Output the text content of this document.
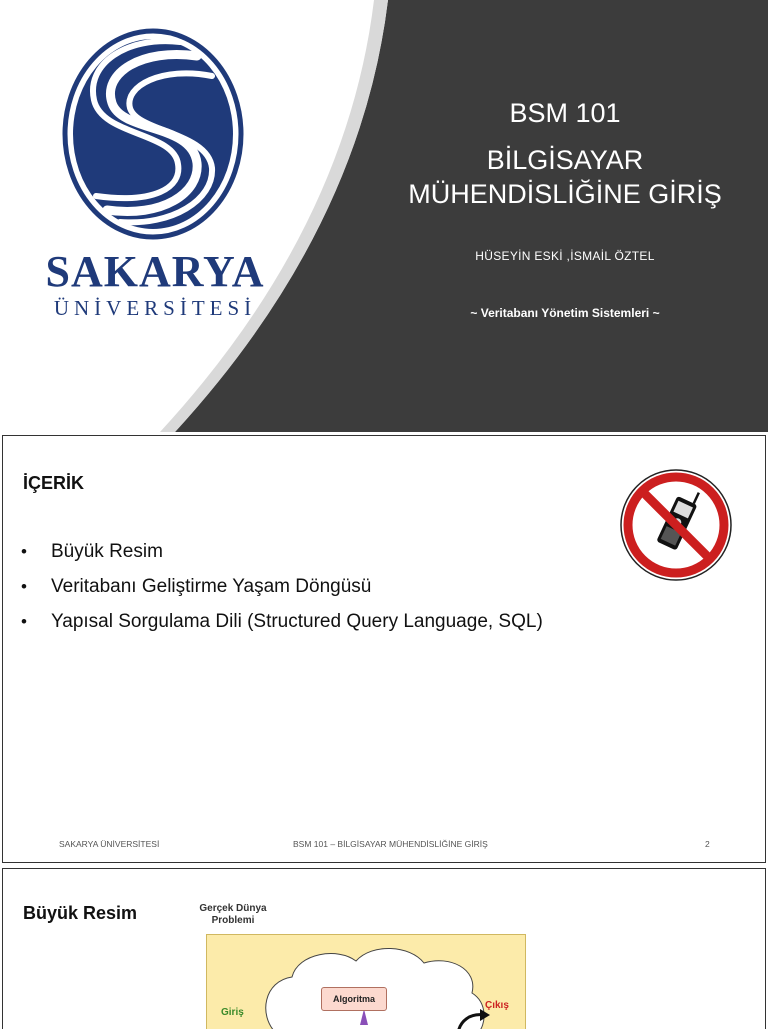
SAKARYA
ÜNİVERSİTESİ
BSM 101
BİLGİSAYAR
MÜHENDİSLİĞİNE GİRİŞ
HÜSEYİN ESKİ ,İSMAİL ÖZTEL
~ Veritabanı Yönetim Sistemleri ~
İÇERİK
• Büyük Resim
• Veritabanı Geliştirme Yaşam Döngüsü
• Yapısal Sorgulama Dili (Structured Query Language, SQL)
SAKARYA ÜNİVERSİTESİ	BSM 101 – BİLGİSAYAR MÜHENDİSLİĞİNE GİRİŞ	2
Büyük Resim	Gerçek Dünya
Problemi
Algoritma
Giriş
Çıkış
